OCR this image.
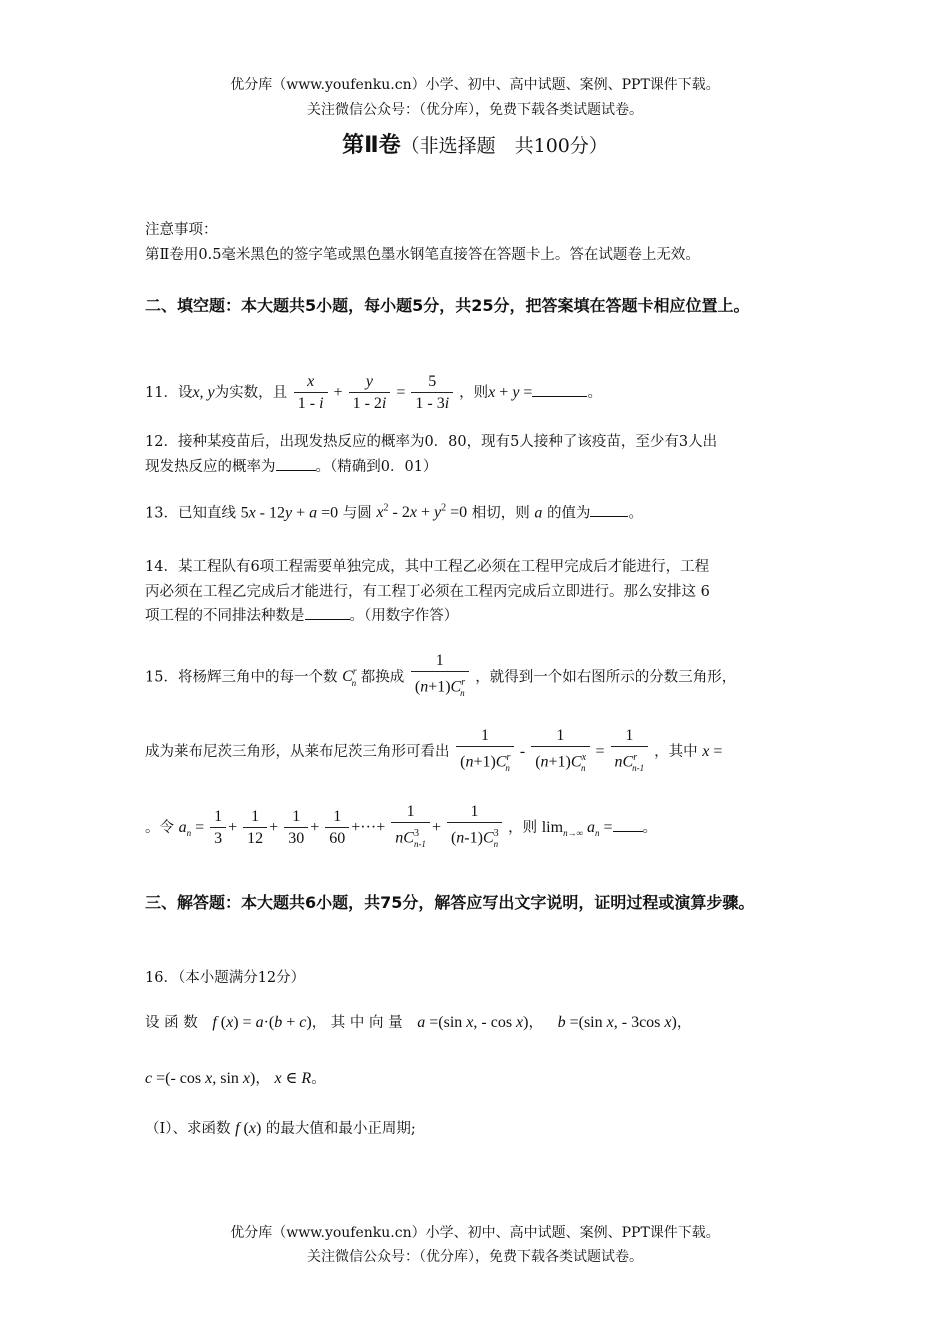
优分库（www.youfenku.cn）小学、初中、高中试题、案例、PPT课件下载。
关注微信公众号：（优分库），免费下载各类试题试卷。
第Ⅱ卷（非选择题　共100分）
注意事项：
第Ⅱ卷用0.5毫米黑色的签字笔或黑色墨水钢笔直接答在答题卡上。答在试题卷上无效。
二、填空题：本大题共5小题，每小题5分，共25分，把答案填在答题卡相应位置上。
11．设x, y为实数，且 $\frac{x}{1 - i} + \frac{y}{1 - 2i} = \frac{5}{1 - 3i}$ ，则x + y =	。
12．接种某疫苗后，出现发热反应的概率为0．80，现有5人接种了该疫苗，至少有3人出
现发热反应的概率为	。（精确到0．01）
13．已知直线 5x - 12y + a =0 与圆 $x^2 - 2x + y^2 =0$ 相切，则 a 的值为	。
14．某工程队有6项工程需要单独完成，其中工程乙必须在工程甲完成后才能进行，工程
丙必须在工程乙完成后才能进行，有工程丁必须在工程丙完成后立即进行。那么安排这 6
项工程的不同排法种数是	。（用数字作答）
15．将杨辉三角中的每一个数 $C^r_n$ 都换成 $\frac{1}{(n+1)C^r_n}$ ，就得到一个如右图所示的分数三角形，
成为莱布尼茨三角形，从莱布尼茨三角形可看出 $\frac{1}{(n+1)C^r_n} - \frac{1}{(n+1)C^x_n} = \frac{1}{nC^r_{n-1}}$ ，其中 x =
。令 $a_n = \frac{1}{3} + \frac{1}{12} + \frac{1}{30} + \frac{1}{60}$ +···+ $\frac{1}{nC^3_{n-1}} + \frac{1}{(n-1)C^3_n}$ ，则 $\lim_{n\to\infty} a_n$ = 。
三、解答题：本大题共6小题，共75分，解答应写出文字说明，证明过程或演算步骤。
16．（本小题满分12分）
设 函 数 f (x) = a·(b + c)， 其 中 向 量 a =(sin x, - cos x)， b =(sin x, - 3cos x)，
c =(- cos x, sin x)， x ∈ R。
（Ⅰ）、求函数 f (x) 的最大值和最小正周期;
优分库（www.youfenku.cn）小学、初中、高中试题、案例、PPT课件下载。
关注微信公众号：（优分库），免费下载各类试题试卷。
